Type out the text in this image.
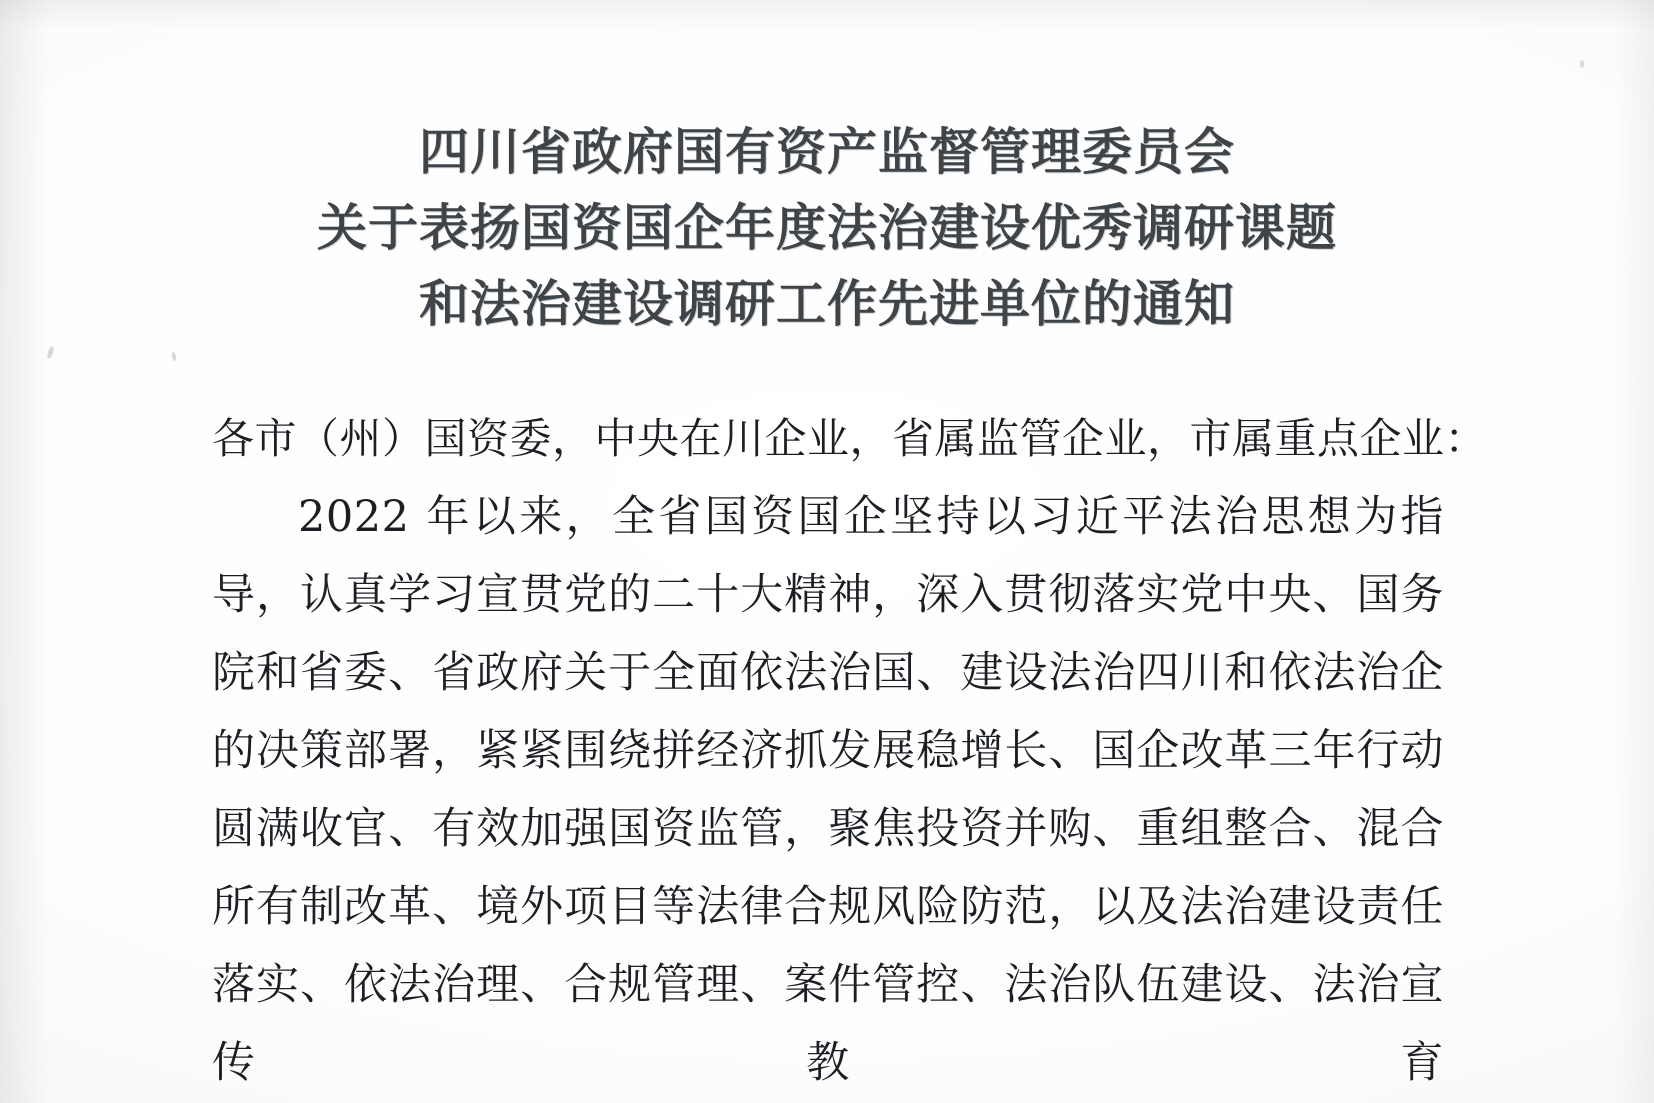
四川省政府国有资产监督管理委员会
关于表扬国资国企年度法治建设优秀调研课题
和法治建设调研工作先进单位的通知
各市（州）国资委，中央在川企业，省属监管企业，市属重点企业：
2022 年以来，全省国资国企坚持以习近平法治思想为指导，认真学习宣贯党的二十大精神，深入贯彻落实党中央、国务院和省委、省政府关于全面依法治国、建设法治四川和依法治企的决策部署，紧紧围绕拼经济抓发展稳增长、国企改革三年行动圆满收官、有效加强国资监管，聚焦投资并购、重组整合、混合所有制改革、境外项目等法律合规风险防范，以及法治建设责任落实、依法治理、合规管理、案件管控、法治队伍建设、法治宣传教育
